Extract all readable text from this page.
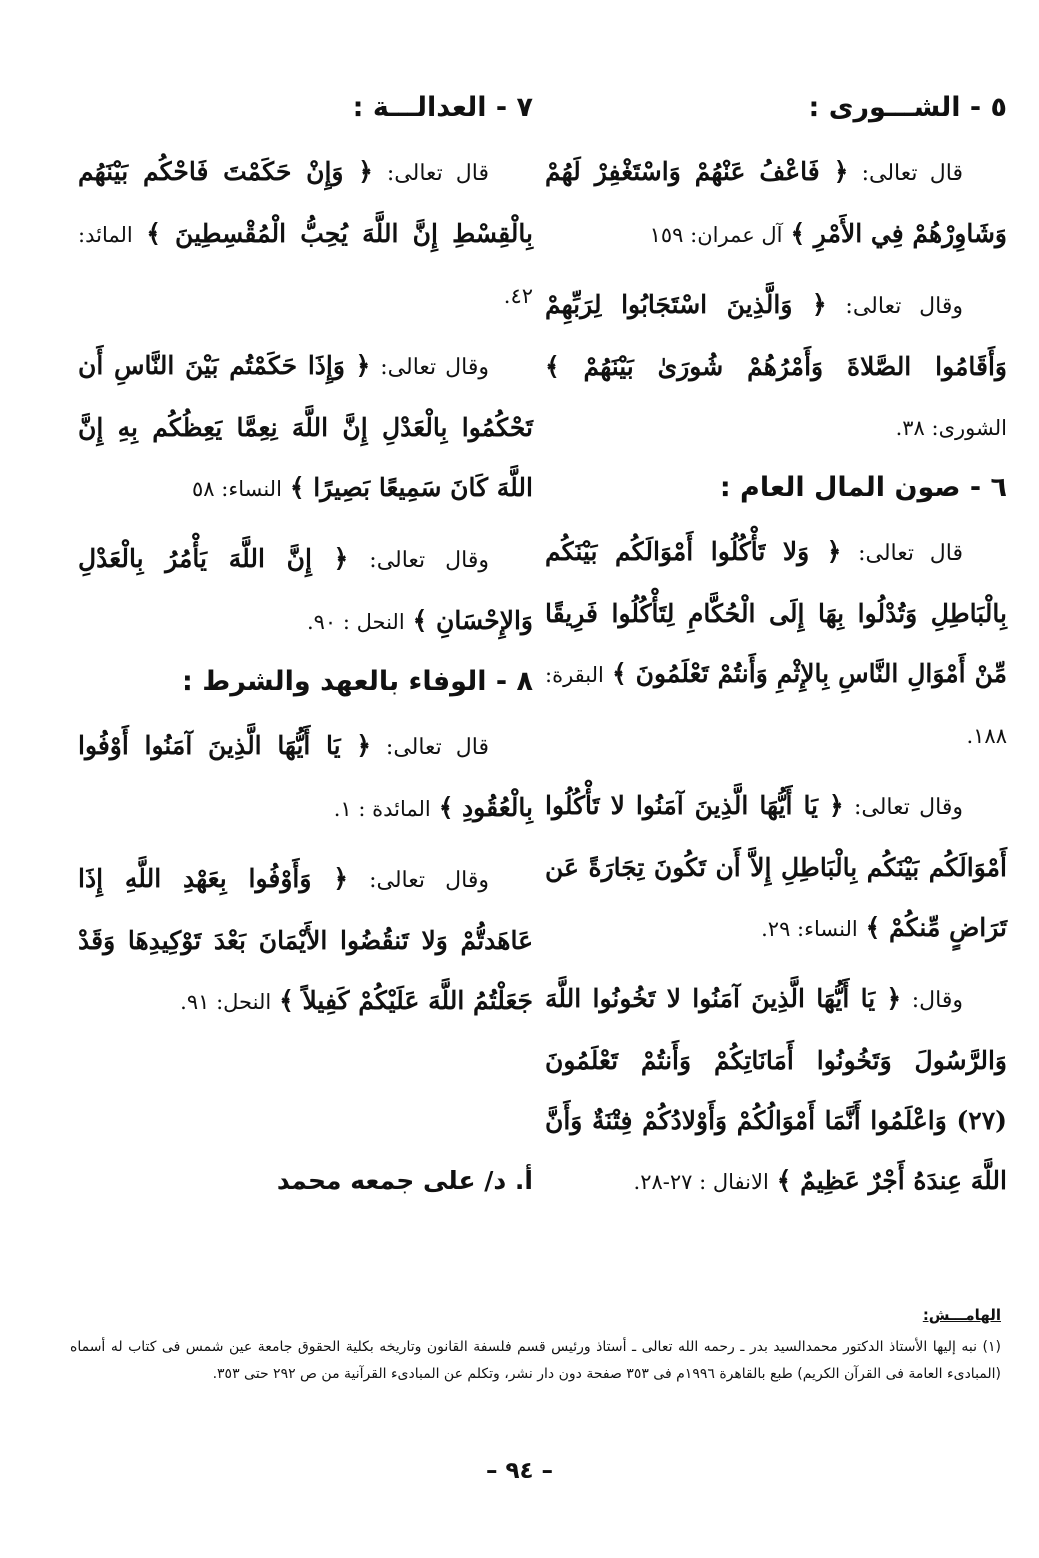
٥ - الشـــورى :

قال تعالى: ﴿ فَاعْفُ عَنْهُمْ وَاسْتَغْفِرْ لَهُمْ وَشَاوِرْهُمْ فِي الأَمْرِ ﴾ آل عمران: ١٥٩

وقال تعالى: ﴿ وَالَّذِينَ اسْتَجَابُوا لِرَبِّهِمْ وَأَقَامُوا الصَّلاةَ وَأَمْرُهُمْ شُورَىٰ بَيْنَهُمْ ﴾ الشورى: ٣٨.

٦ - صون المال العام :

قال تعالى: ﴿ وَلا تَأْكُلُوا أَمْوَالَكُم بَيْنَكُم بِالْبَاطِلِ وَتُدْلُوا بِهَا إِلَى الْحُكَّامِ لِتَأْكُلُوا فَرِيقًا مِّنْ أَمْوَالِ النَّاسِ بِالإِثْمِ وَأَنتُمْ تَعْلَمُونَ ﴾ البقرة: ١٨٨.

وقال تعالى: ﴿ يَا أَيُّهَا الَّذِينَ آمَنُوا لا تَأْكُلُوا أَمْوَالَكُم بَيْنَكُم بِالْبَاطِلِ إِلاَّ أَن تَكُونَ تِجَارَةً عَن تَرَاضٍ مِّنكُمْ ﴾ النساء: ٢٩.

وقال: ﴿ يَا أَيُّهَا الَّذِينَ آمَنُوا لا تَخُونُوا اللَّهَ وَالرَّسُولَ وَتَخُونُوا أَمَانَاتِكُمْ وَأَنتُمْ تَعْلَمُونَ (٢٧) وَاعْلَمُوا أَنَّمَا أَمْوَالُكُمْ وَأَوْلادُكُمْ فِتْنَةٌ وَأَنَّ اللَّهَ عِندَهُ أَجْرٌ عَظِيمٌ ﴾ الانفال : ٢٧-٢٨.

٧ - العدالـــة :

قال تعالى: ﴿ وَإِنْ حَكَمْتَ فَاحْكُم بَيْنَهُم بِالْقِسْطِ إِنَّ اللَّهَ يُحِبُّ الْمُقْسِطِينَ ﴾ المائد: ٤٢.

وقال تعالى: ﴿ وَإِذَا حَكَمْتُم بَيْنَ النَّاسِ أَن تَحْكُمُوا بِالْعَدْلِ إِنَّ اللَّهَ نِعِمَّا يَعِظُكُم بِهِ إِنَّ اللَّهَ كَانَ سَمِيعًا بَصِيرًا ﴾ النساء: ٥٨

وقال تعالى: ﴿ إِنَّ اللَّهَ يَأْمُرُ بِالْعَدْلِ وَالإِحْسَانِ ﴾ النحل : ٩٠.

٨ - الوفاء بالعهد والشرط :

قال تعالى: ﴿ يَا أَيُّهَا الَّذِينَ آمَنُوا أَوْفُوا بِالْعُقُودِ ﴾ المائدة : ١.

وقال تعالى: ﴿ وَأَوْفُوا بِعَهْدِ اللَّهِ إِذَا عَاهَدتُّمْ وَلا تَنقُضُوا الأَيْمَانَ بَعْدَ تَوْكِيدِهَا وَقَدْ جَعَلْتُمُ اللَّهَ عَلَيْكُمْ كَفِيلاً ﴾ النحل: ٩١.

أ. د/ على جمعه محمد
الهامـــش:
(١) نبه إليها الأستاذ الدكتور محمدالسيد بدر ـ رحمه الله تعالى ـ أستاذ ورئيس قسم فلسفة القانون وتاريخه بكلية الحقوق جامعة عين شمس فى كتاب له أسماه (المبادىء العامة فى القرآن الكريم) طبع بالقاهرة ١٩٩٦م فى ٣٥٣ صفحة دون دار نشر، وتكلم عن المبادىء القرآنية من ص ٢٩٢ حتى ٣٥٣.
– ٩٤ –
